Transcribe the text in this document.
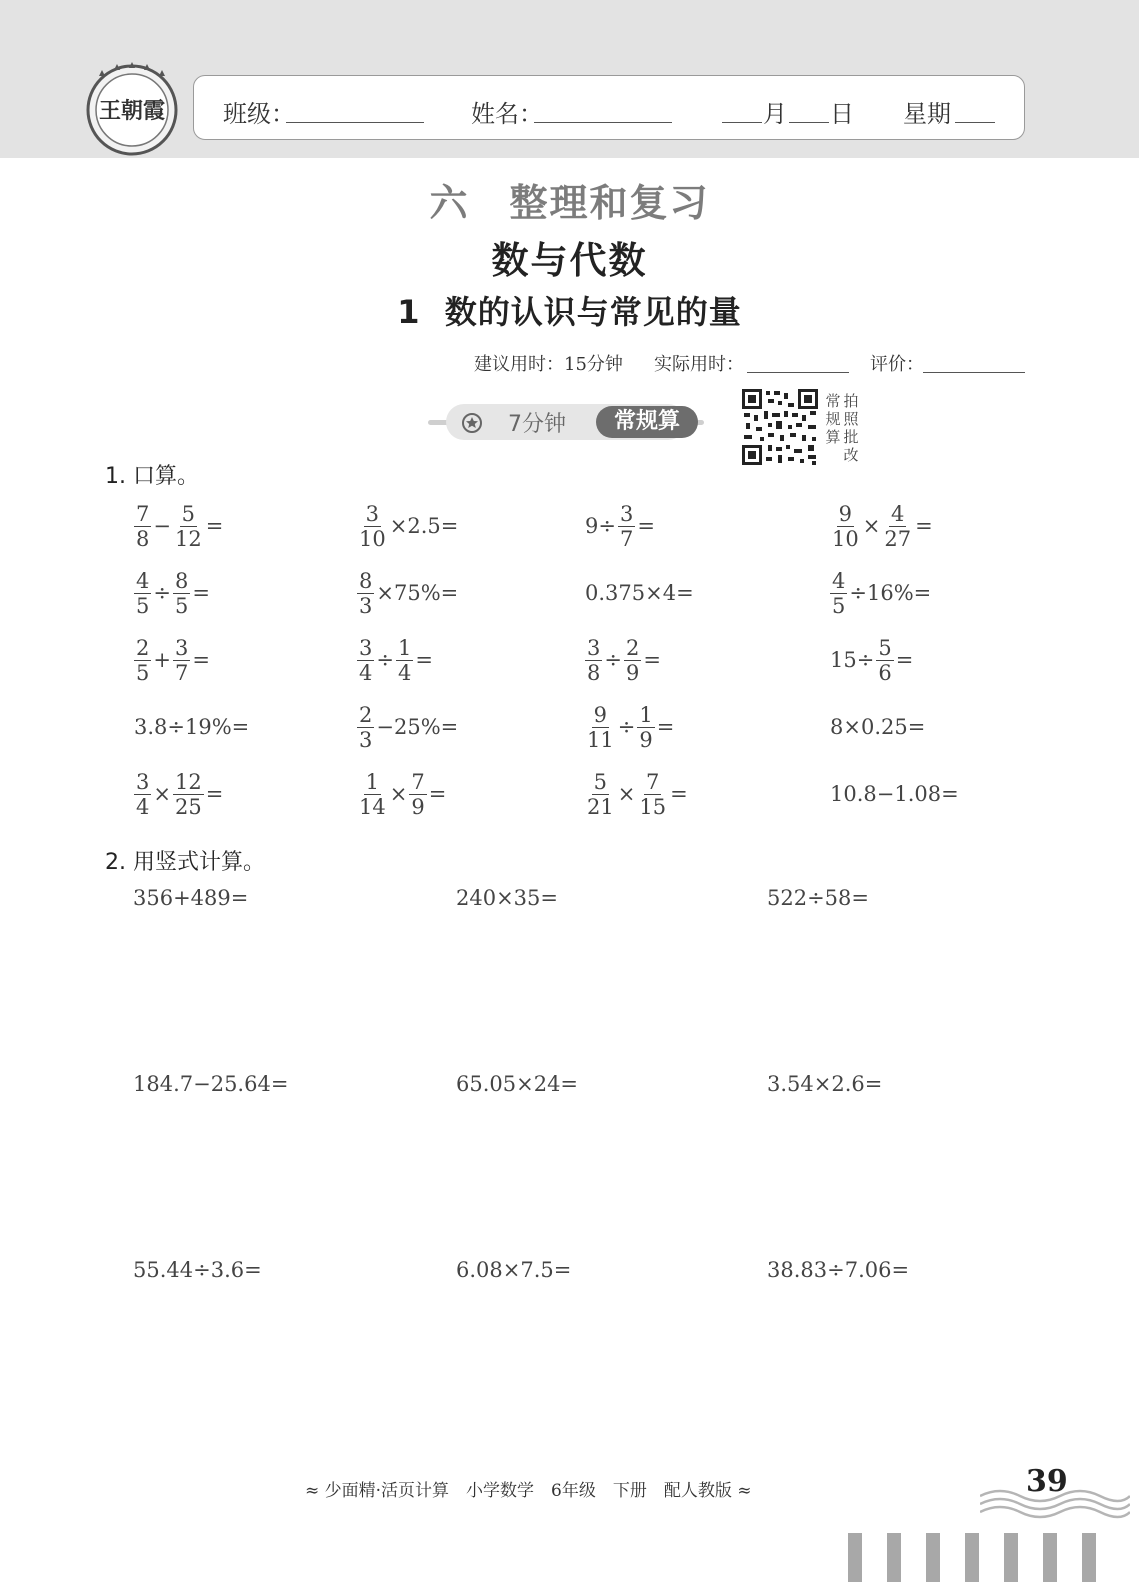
王朝霞 班级：	姓名：	月 日 星期
六　整理和复习
数与代数
1  数的认识与常见的量
建议用时：15分钟 实际用时：	评价：
7分钟	常规算
常规算
拍照批改
1. 口算。
$\frac{7}{8} - \frac{5}{12}$ =	$\frac{3}{10} \times 2.5=$	$9\div \frac{3}{7}$ =	$\frac{9}{10} \times \frac{4}{27}$ =
$\frac{4}{5} \div \frac{8}{5}$ =	$\frac{8}{3} \times 75\%=$	0.375×4=	$\frac{4}{5} \div 16\%=$
$\frac{2}{5} + \frac{3}{7}$ =	$\frac{3}{4} \div \frac{1}{4}$ =	$\frac{3}{8} \div \frac{2}{9}$ =	$15\div \frac{5}{6}$ =
3.8÷19%=	$\frac{2}{3} -25\%=$	$\frac{9}{11} \div \frac{1}{9}$ =	8×0.25=
$\frac{3}{4} \times \frac{12}{25}$ =	$\frac{1}{14} \times \frac{7}{9}$ =	$\frac{5}{21} \times \frac{7}{15}$ =	10.8−1.08=
2. 用竖式计算。
356+489=	240×35=	522÷58=
184.7−25.64=	65.05×24=	3.54×2.6=
55.44÷3.6=	6.08×7.5=	38.83÷7.06=
≈ 少面精·活页计算　小学数学　6年级　下册　配人教版 ≈	39
